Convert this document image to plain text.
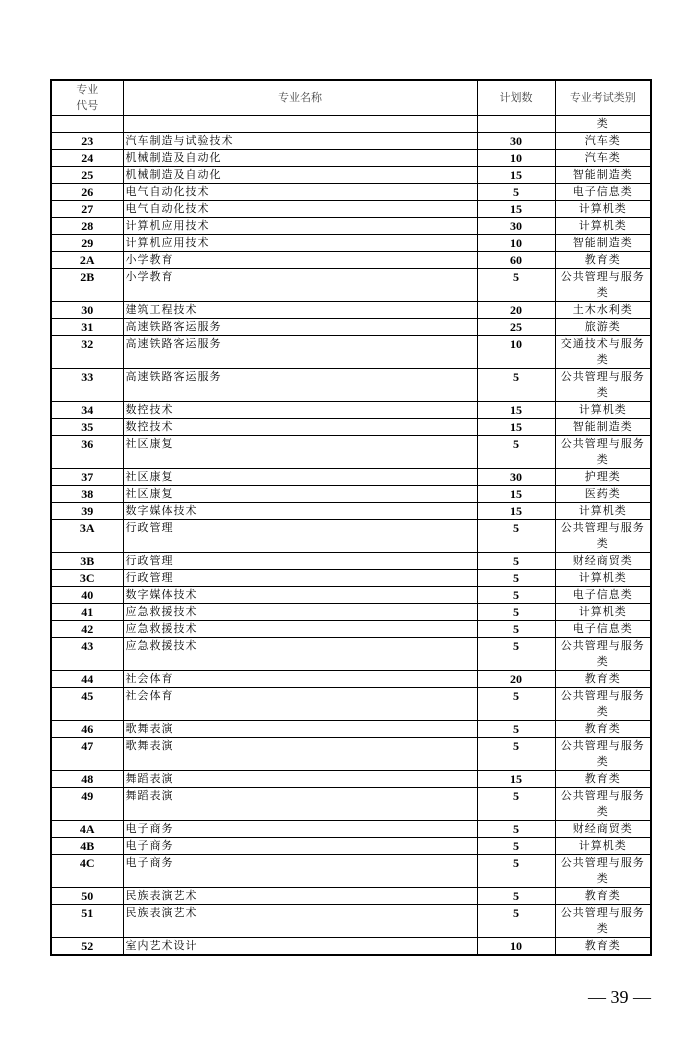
专业
代号	专业名称	计划数	专业考试类别
			类
23	汽车制造与试验技术	30	汽车类
24	机械制造及自动化	10	汽车类
25	机械制造及自动化	15	智能制造类
26	电气自动化技术	5	电子信息类
27	电气自动化技术	15	计算机类
28	计算机应用技术	30	计算机类
29	计算机应用技术	10	智能制造类
2A	小学教育	60	教育类
2B	小学教育	5	公共管理与服务类
30	建筑工程技术	20	土木水利类
31	高速铁路客运服务	25	旅游类
32	高速铁路客运服务	10	交通技术与服务类
33	高速铁路客运服务	5	公共管理与服务类
34	数控技术	15	计算机类
35	数控技术	15	智能制造类
36	社区康复	5	公共管理与服务类
37	社区康复	30	护理类
38	社区康复	15	医药类
39	数字媒体技术	15	计算机类
3A	行政管理	5	公共管理与服务类
3B	行政管理	5	财经商贸类
3C	行政管理	5	计算机类
40	数字媒体技术	5	电子信息类
41	应急救援技术	5	计算机类
42	应急救援技术	5	电子信息类
43	应急救援技术	5	公共管理与服务类
44	社会体育	20	教育类
45	社会体育	5	公共管理与服务类
46	歌舞表演	5	教育类
47	歌舞表演	5	公共管理与服务类
48	舞蹈表演	15	教育类
49	舞蹈表演	5	公共管理与服务类
4A	电子商务	5	财经商贸类
4B	电子商务	5	计算机类
4C	电子商务	5	公共管理与服务类
50	民族表演艺术	5	教育类
51	民族表演艺术	5	公共管理与服务类
52	室内艺术设计	10	教育类
— 39 —
